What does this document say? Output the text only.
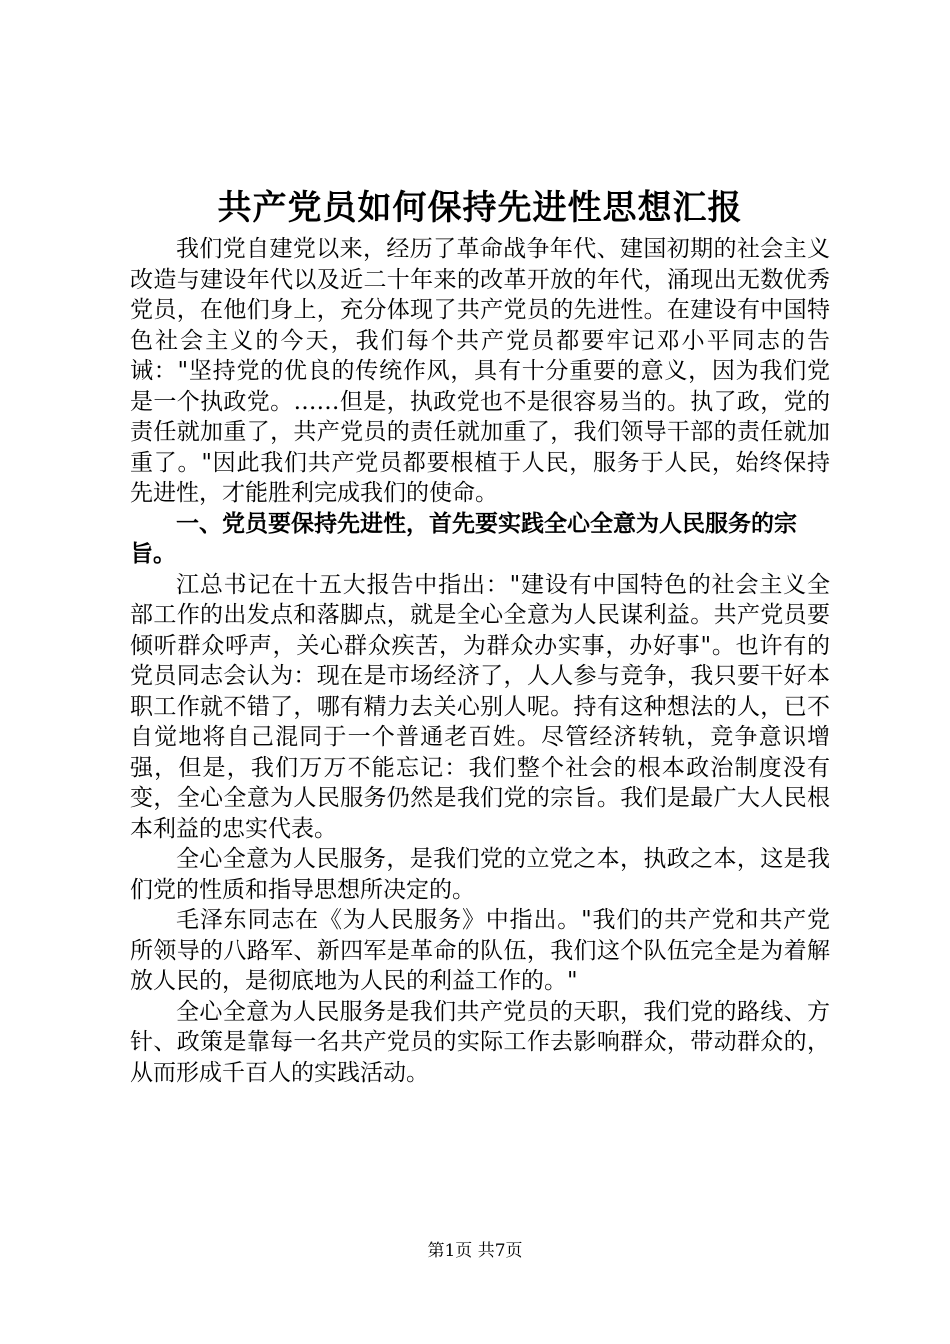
共产党员如何保持先进性思想汇报

我们党自建党以来，经历了革命战争年代、建国初期的社会主义改造与建设年代以及近二十年来的改革开放的年代，涌现出无数优秀党员，在他们身上，充分体现了共产党员的先进性。在建设有中国特色社会主义的今天，我们每个共产党员都要牢记邓小平同志的告诫："坚持党的优良的传统作风，具有十分重要的意义，因为我们党是一个执政党。……但是，执政党也不是很容易当的。执了政，党的责任就加重了，共产党员的责任就加重了，我们领导干部的责任就加重了。"因此我们共产党员都要根植于人民，服务于人民，始终保持先进性，才能胜利完成我们的使命。

一、党员要保持先进性，首先要实践全心全意为人民服务的宗旨。

江总书记在十五大报告中指出："建设有中国特色的社会主义全部工作的出发点和落脚点，就是全心全意为人民谋利益。共产党员要倾听群众呼声，关心群众疾苦，为群众办实事，办好事"。也许有的党员同志会认为：现在是市场经济了，人人参与竞争，我只要干好本职工作就不错了，哪有精力去关心别人呢。持有这种想法的人，已不自觉地将自己混同于一个普通老百姓。尽管经济转轨，竞争意识增强，但是，我们万万不能忘记：我们整个社会的根本政治制度没有变，全心全意为人民服务仍然是我们党的宗旨。我们是最广大人民根本利益的忠实代表。

全心全意为人民服务，是我们党的立党之本，执政之本，这是我们党的性质和指导思想所决定的。

毛泽东同志在《为人民服务》中指出。"我们的共产党和共产党所领导的八路军、新四军是革命的队伍，我们这个队伍完全是为着解放人民的，是彻底地为人民的利益工作的。"

全心全意为人民服务是我们共产党员的天职，我们党的路线、方针、政策是靠每一名共产党员的实际工作去影响群众，带动群众的，从而形成千百人的实践活动。

第1页 共7页
